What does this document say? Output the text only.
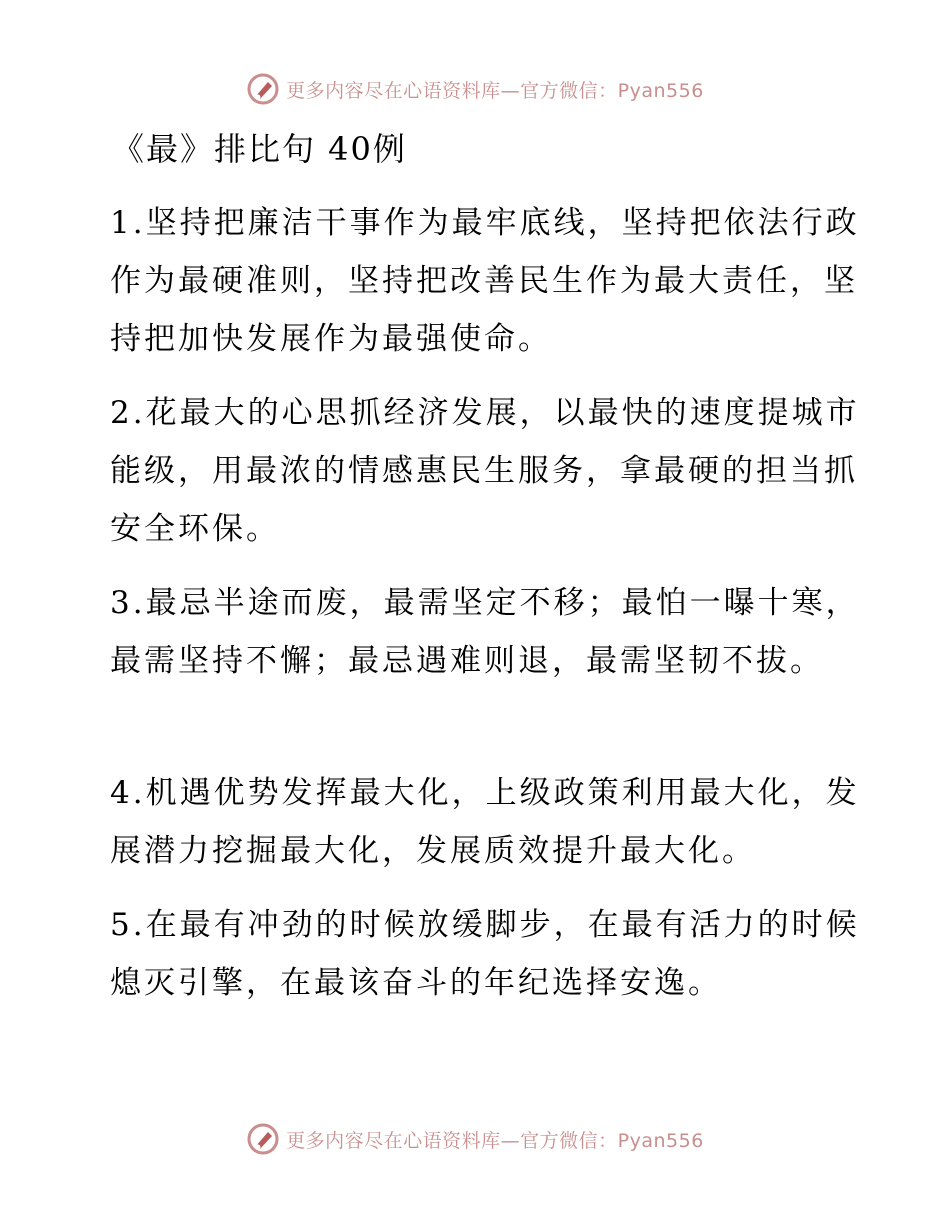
更多内容尽在心语资料库—官方微信：Pyan556
《最》排比句 40例

1.坚持把廉洁干事作为最牢底线，坚持把依法行政作为最硬准则，坚持把改善民生作为最大责任，坚持把加快发展作为最强使命。

2.花最大的心思抓经济发展，以最快的速度提城市能级，用最浓的情感惠民生服务，拿最硬的担当抓安全环保。

3.最忌半途而废，最需坚定不移；最怕一曝十寒，最需坚持不懈；最忌遇难则退，最需坚韧不拔。

4.机遇优势发挥最大化，上级政策利用最大化，发展潜力挖掘最大化，发展质效提升最大化。

5.在最有冲劲的时候放缓脚步，在最有活力的时候熄灭引擎，在最该奋斗的年纪选择安逸。

更多内容尽在心语资料库—官方微信：Pyan556
